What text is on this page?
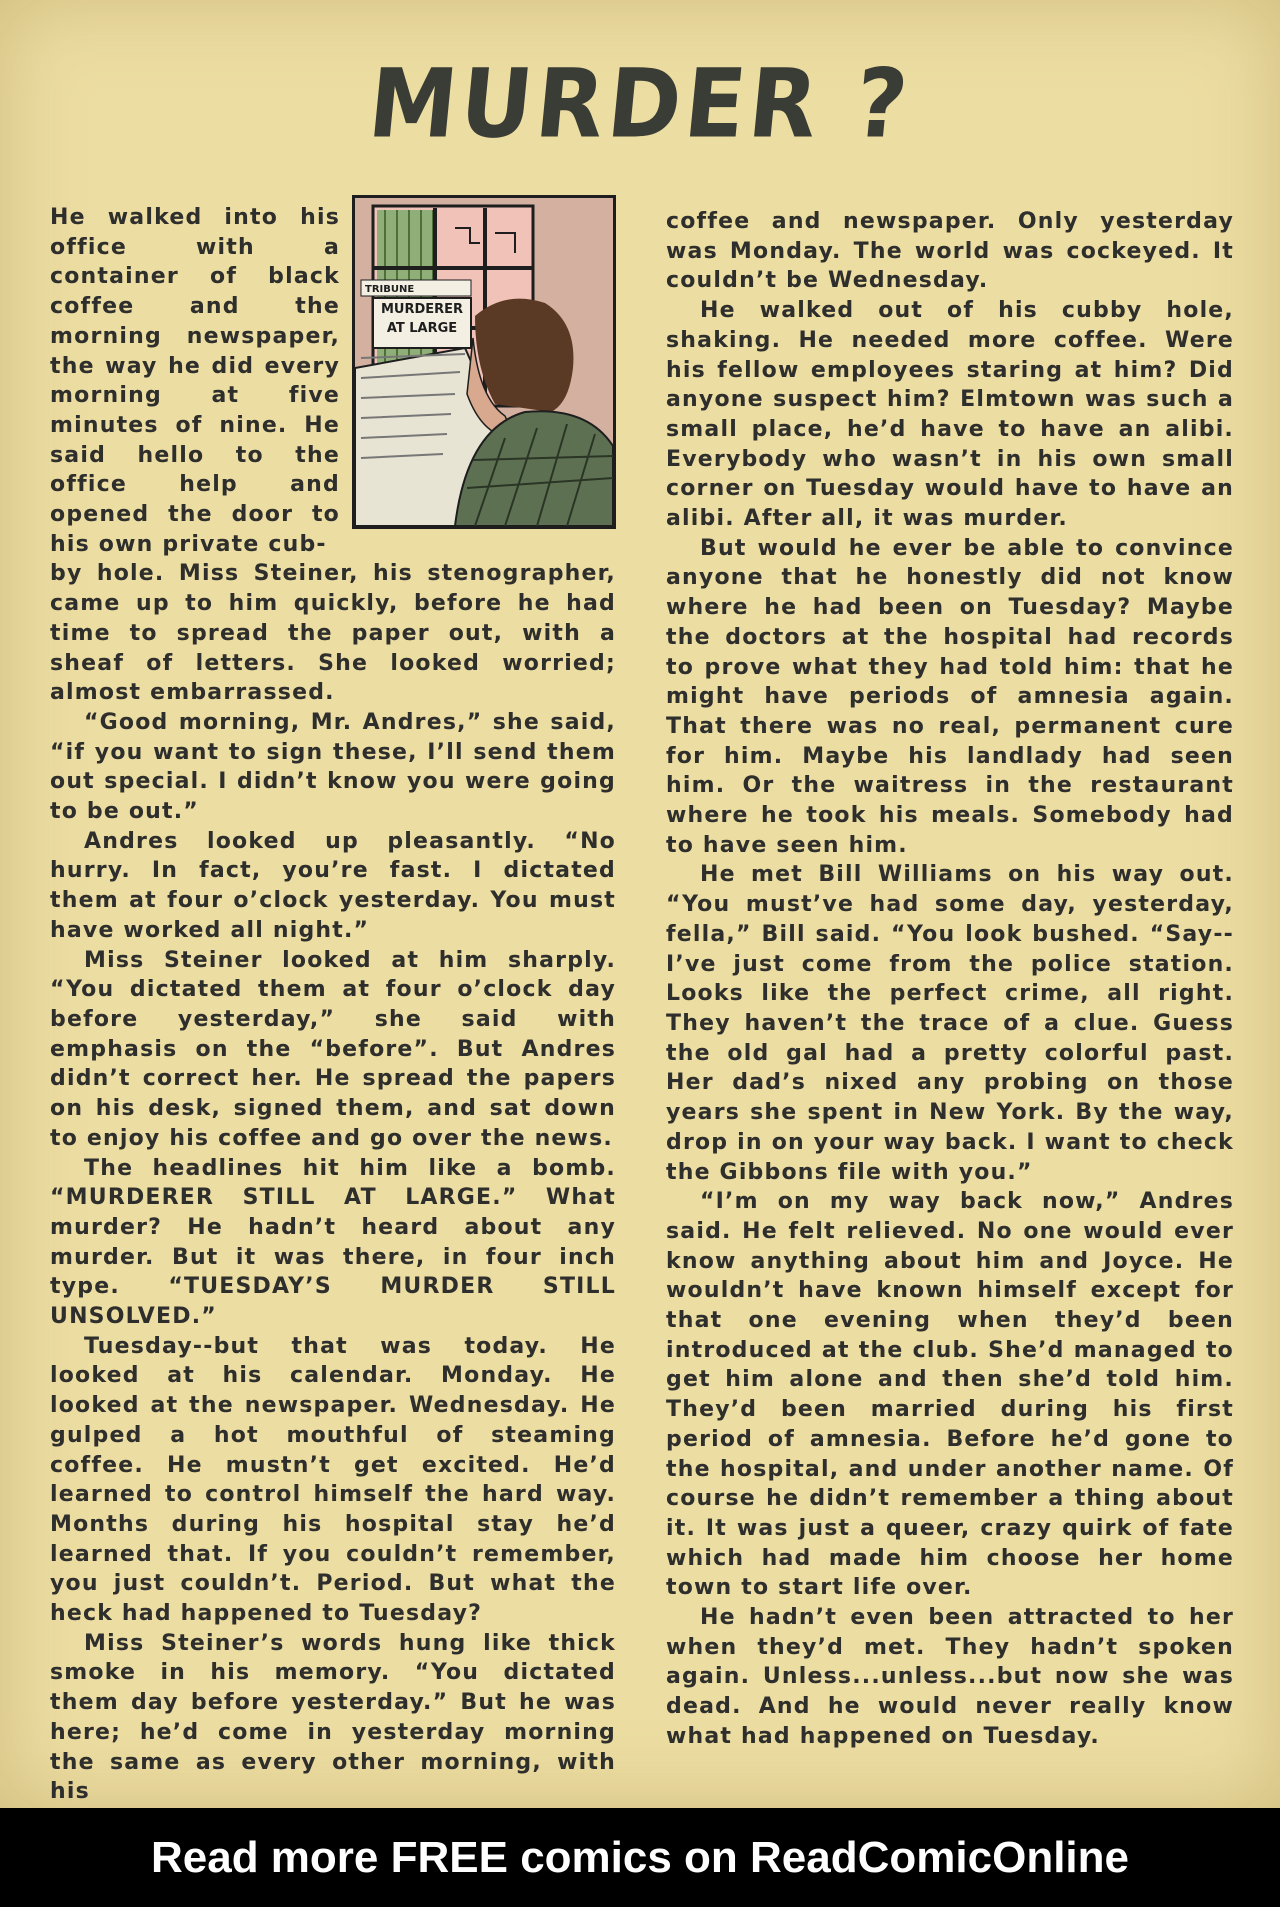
MURDER ?
TRIBUNE
MURDERER AT LARGE

He walked into his office with a container of black coffee and the morning newspaper, the way he did every morning at five minutes of nine. He said hello to the office help and opened the door to his own private cub-

by hole. Miss Steiner, his stenographer, came up to him quickly, before he had time to spread the paper out, with a sheaf of letters. She looked worried; almost embarrassed.

“Good morning, Mr. Andres,” she said, “if you want to sign these, I’ll send them out special. I didn’t know you were going to be out.”

Andres looked up pleasantly. “No hurry. In fact, you’re fast. I dictated them at four o’clock yesterday. You must have worked all night.”

Miss Steiner looked at him sharply. “You dictated them at four o’clock day before yesterday,” she said with emphasis on the “before”. But Andres didn’t correct her. He spread the papers on his desk, signed them, and sat down to enjoy his coffee and go over the news.

The headlines hit him like a bomb. “MURDERER STILL AT LARGE.” What murder? He hadn’t heard about any murder. But it was there, in four inch type. “TUESDAY’S MURDER STILL UNSOLVED.”

Tuesday--but that was today. He looked at his calendar. Monday. He looked at the newspaper. Wednesday. He gulped a hot mouthful of steaming coffee. He mustn’t get excited. He’d learned to control himself the hard way. Months during his hospital stay he’d learned that. If you couldn’t remember, you just couldn’t. Period. But what the heck had happened to Tuesday?

Miss Steiner’s words hung like thick smoke in his memory. “You dictated them day before yesterday.” But he was here; he’d come in yesterday morning the same as every other morning, with his

coffee and newspaper. Only yesterday was Monday. The world was cockeyed. It couldn’t be Wednesday.

He walked out of his cubby hole, shaking. He needed more coffee. Were his fellow employees staring at him? Did anyone suspect him? Elmtown was such a small place, he’d have to have an alibi. Everybody who wasn’t in his own small corner on Tuesday would have to have an alibi. After all, it was murder.

But would he ever be able to convince anyone that he honestly did not know where he had been on Tuesday? Maybe the doctors at the hospital had records to prove what they had told him: that he might have periods of amnesia again. That there was no real, permanent cure for him. Maybe his landlady had seen him. Or the waitress in the restaurant where he took his meals. Somebody had to have seen him.

He met Bill Williams on his way out. “You must’ve had some day, yesterday, fella,” Bill said. “You look bushed. “Say--I’ve just come from the police station. Looks like the perfect crime, all right. They haven’t the trace of a clue. Guess the old gal had a pretty colorful past. Her dad’s nixed any probing on those years she spent in New York. By the way, drop in on your way back. I want to check the Gibbons file with you.”

“I’m on my way back now,” Andres said. He felt relieved. No one would ever know anything about him and Joyce. He wouldn’t have known himself except for that one evening when they’d been introduced at the club. She’d managed to get him alone and then she’d told him. They’d been married during his first period of amnesia. Before he’d gone to the hospital, and under another name. Of course he didn’t remember a thing about it. It was just a queer, crazy quirk of fate which had made him choose her home town to start life over.

He hadn’t even been attracted to her when they’d met. They hadn’t spoken again. Unless...unless...but now she was dead. And he would never really know what had happened on Tuesday.

Read more FREE comics on ReadComicOnline
